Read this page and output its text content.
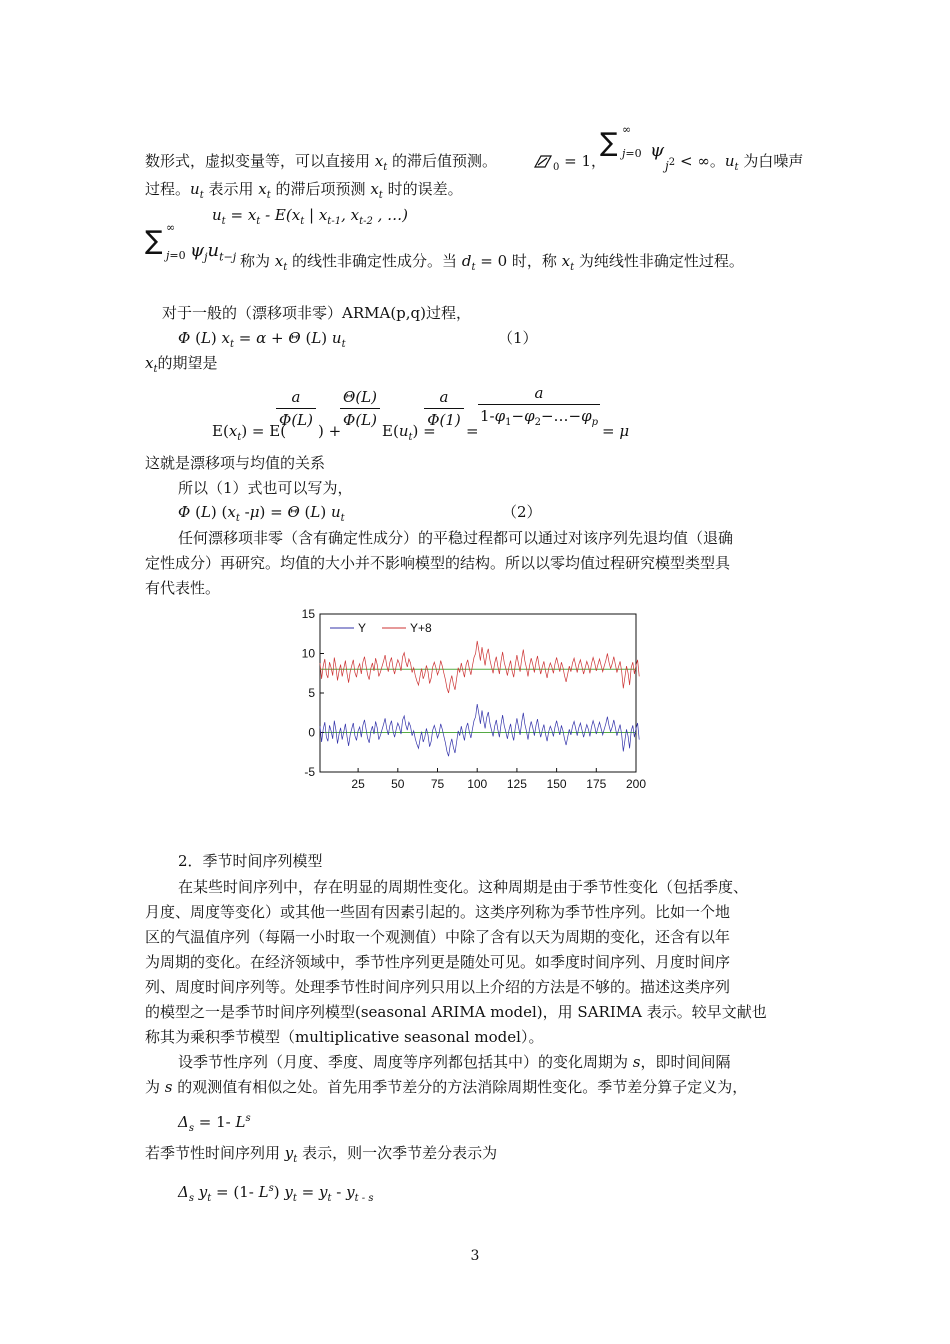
数形式，虚拟变量等，可以直接用 $x_t$ 的滞后值预测。	$_0$ = 1，
∑ ∞
j=0 ψ
$j^2$ < ∞。$u_t$ 为白噪声
过程。$u_t$ 表示用 $x_t$ 的滞后项预测 $x_t$ 时的误差。
$u_t = x_t - E(x_t$ | $x_{t-1}$, $x_{t-2}$ , …)
∑ ∞
j=0 $\psi_ju_{t-j}$ 称为 $x_t$ 的线性非确定性成分。当 $d_t = 0$ 时，称 $x_t$ 为纯线性非确定性过程。
对于一般的（漂移项非零）ARMA(p,q)过程，
Φ (L) $x_t = \alpha + \Theta$ (L) $u_t$	（1）
$x_t$的期望是
$E(x_t) = E$(
a
Φ(L)
) +
Θ(L)
Φ(L)
$E(u_t)$ =
a
Φ(1)
=
a
$1-\varphi_1-\varphi_2-\dots-\varphi_p = \mu$
这就是漂移项与均值的关系
所以（1）式也可以写为，
Φ (L) ($x_t$ -μ) = Θ (L) $u_t$	（2）
任何漂移项非零（含有确定性成分）的平稳过程都可以通过对该序列先退均值（退确
定性成分）再研究。均值的大小并不影响模型的结构。所以以零均值过程研究模型类型具
有代表性。
-5
0
5
10
15
25 50 75 100 125 150 175 200
Y	Y+8
2．季节时间序列模型
在某些时间序列中，存在明显的周期性变化。这种周期是由于季节性变化（包括季度、
月度、周度等变化）或其他一些固有因素引起的。这类序列称为季节性序列。比如一个地
区的气温值序列（每隔一小时取一个观测值）中除了含有以天为周期的变化，还含有以年
为周期的变化。在经济领域中，季节性序列更是随处可见。如季度时间序列、月度时间序
列、周度时间序列等。处理季节性时间序列只用以上介绍的方法是不够的。描述这类序列
的模型之一是季节时间序列模型(seasonal ARIMA model)，用 SARIMA 表示。较早文献也
称其为乘积季节模型（multiplicative seasonal model）。
设季节性序列（月度、季度、周度等序列都包括其中）的变化周期为 s，即时间间隔
为 s 的观测值有相似之处。首先用季节差分的方法消除周期性变化。季节差分算子定义为，
$\Delta_s = 1-$ $L^s$
若季节性时间序列用 $y_t$ 表示，则一次季节差分表示为
$\Delta_s$ $y_t = (1-$ $L^s$) $y_t = y_t - y_{t - s}$
3
